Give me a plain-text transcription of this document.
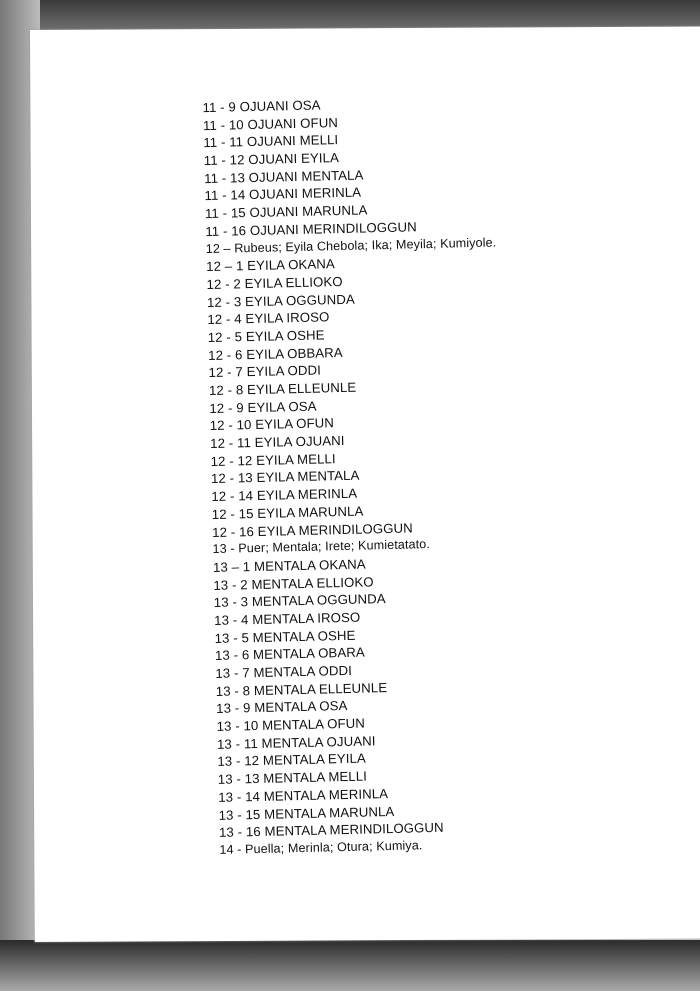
11 - 9 OJUANI OSA
11 - 10 OJUANI OFUN
11 - 11 OJUANI MELLI
11 - 12 OJUANI EYILA
11 - 13 OJUANI MENTALA
11 - 14 OJUANI MERINLA
11 - 15 OJUANI MARUNLA
11 - 16 OJUANI MERINDILOGGUN
12 – Rubeus; Eyila Chebola; Ika; Meyila; Kumiyole.
12 – 1 EYILA OKANA
12 - 2 EYILA ELLIOKO
12 - 3 EYILA OGGUNDA
12 - 4 EYILA IROSO
12 - 5 EYILA OSHE
12 - 6 EYILA OBBARA
12 - 7 EYILA ODDI
12 - 8 EYILA ELLEUNLE
12 - 9 EYILA OSA
12 - 10 EYILA OFUN
12 - 11 EYILA OJUANI
12 - 12 EYILA MELLI
12 - 13 EYILA MENTALA
12 - 14 EYILA MERINLA
12 - 15 EYILA MARUNLA
12 - 16 EYILA MERINDILOGGUN
13 - Puer; Mentala; Irete; Kumietatato.
13 – 1 MENTALA OKANA
13 - 2 MENTALA ELLIOKO
13 - 3 MENTALA OGGUNDA
13 - 4 MENTALA IROSO
13 - 5 MENTALA OSHE
13 - 6 MENTALA OBARA
13 - 7 MENTALA ODDI
13 - 8 MENTALA ELLEUNLE
13 - 9 MENTALA OSA
13 - 10 MENTALA OFUN
13 - 11 MENTALA OJUANI
13 - 12 MENTALA EYILA
13 - 13 MENTALA MELLI
13 - 14 MENTALA MERINLA
13 - 15 MENTALA MARUNLA
13 - 16 MENTALA MERINDILOGGUN
14 - Puella; Merinla; Otura; Kumiya.
